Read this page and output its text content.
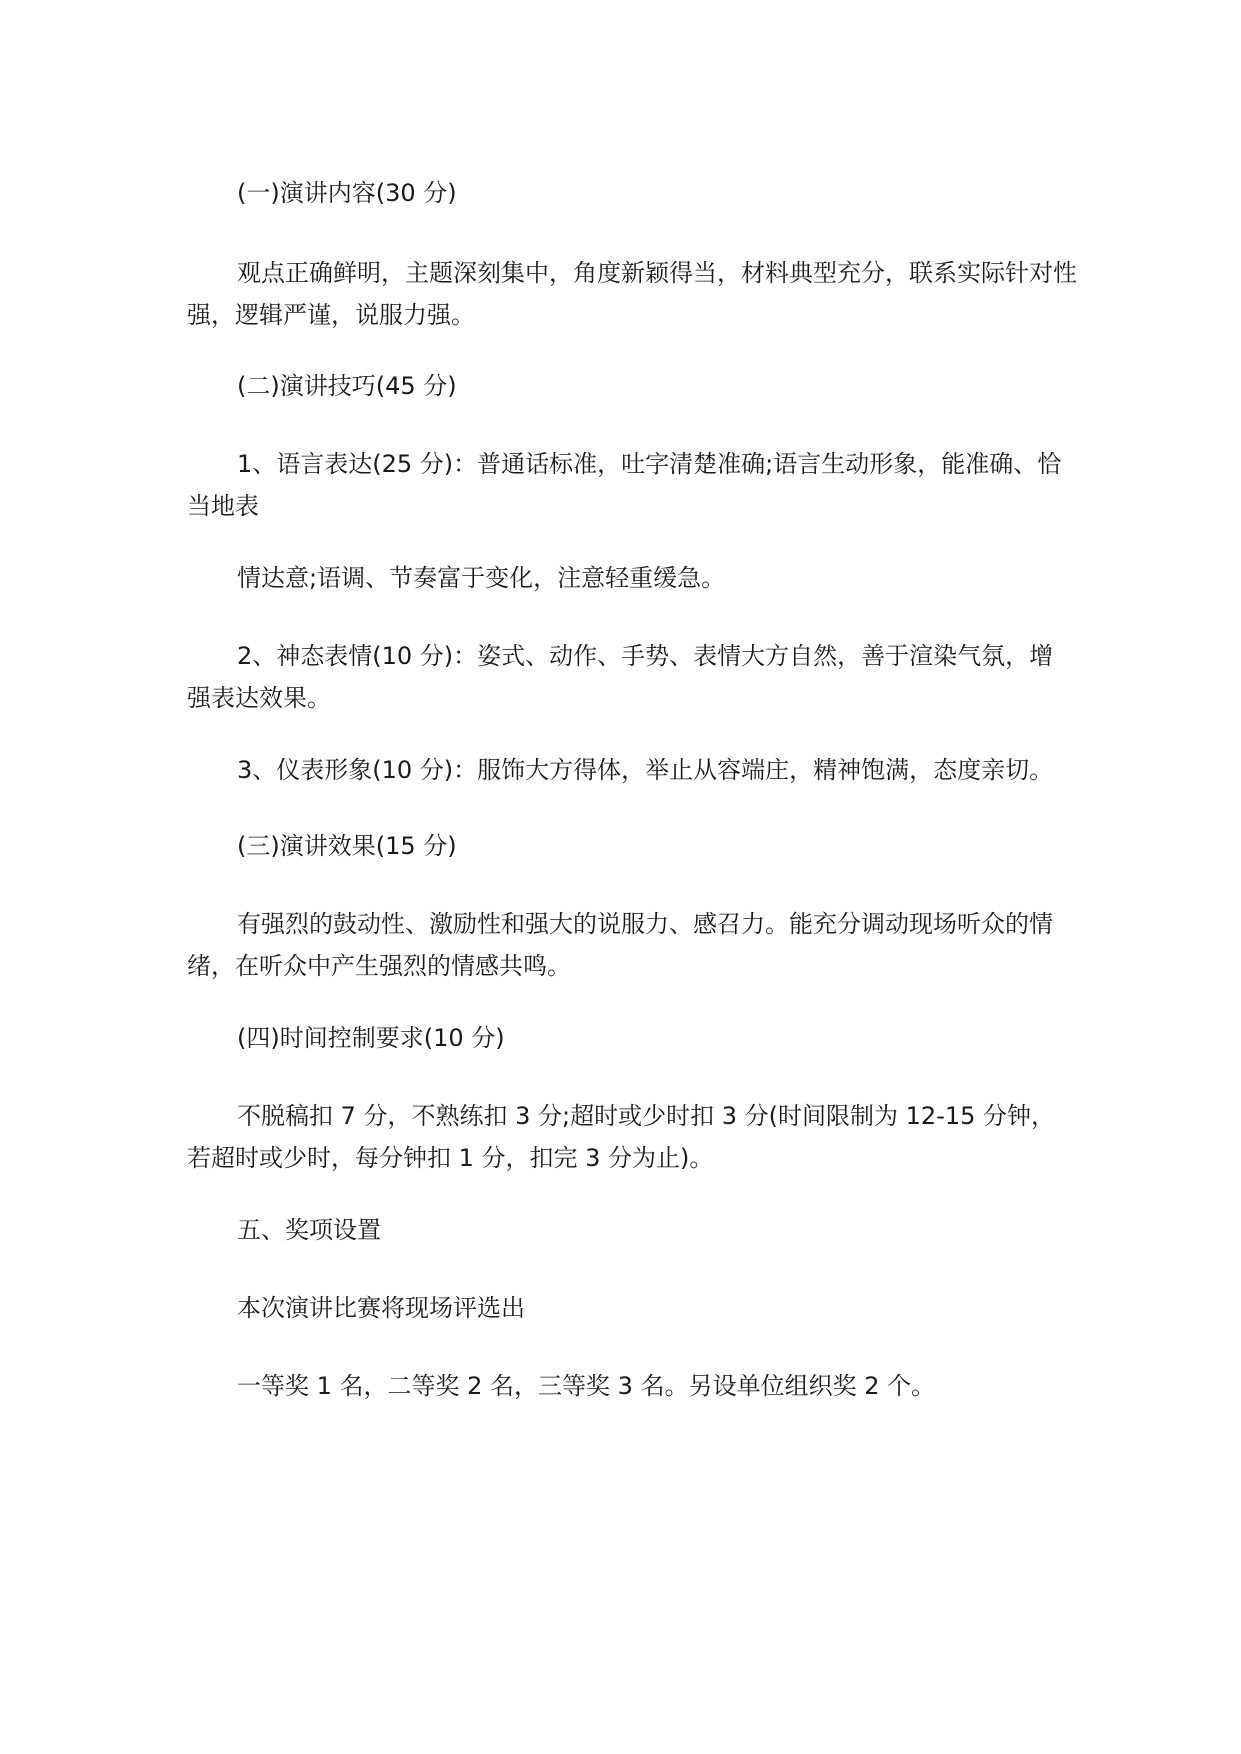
(一)演讲内容(30 分)

观点正确鲜明，主题深刻集中，角度新颖得当，材料典型充分，联系实际针对性强，逻辑严谨，说服力强。

(二)演讲技巧(45 分)

1、语言表达(25 分)：普通话标准，吐字清楚准确;语言生动形象，能准确、恰当地表

情达意;语调、节奏富于变化，注意轻重缓急。

2、神态表情(10 分)：姿式、动作、手势、表情大方自然，善于渲染气氛，增强表达效果。

3、仪表形象(10 分)：服饰大方得体，举止从容端庄，精神饱满，态度亲切。

(三)演讲效果(15 分)

有强烈的鼓动性、激励性和强大的说服力、感召力。能充分调动现场听众的情绪，在听众中产生强烈的情感共鸣。

(四)时间控制要求(10 分)

不脱稿扣 7 分，不熟练扣 3 分;超时或少时扣 3 分(时间限制为 12-15 分钟，若超时或少时，每分钟扣 1 分，扣完 3 分为止)。

五、奖项设置

本次演讲比赛将现场评选出

一等奖 1 名，二等奖 2 名，三等奖 3 名。另设单位组织奖 2 个。
